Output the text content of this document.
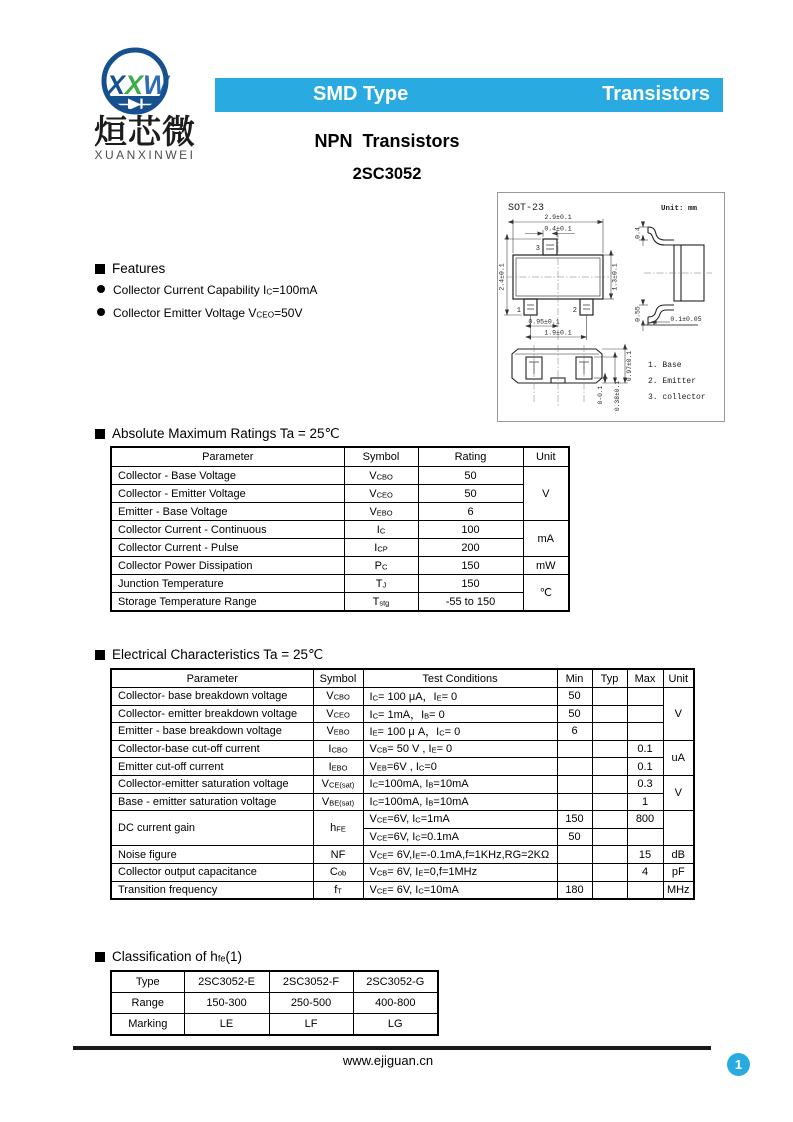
X X W
烜芯微
XUANXINWEI
SMD Type	Transistors
NPN  Transistors
2SC3052
SOT-23	Unit: mm
3
1	2
2.9±0.1
0.4±0.1
2.4±0.1	1.3±0.1
0.95±0.1
1.9±0.1
0.4
0.55	0.1±0.05
0.97±0.1
0.38±0.1
0-0.1
1. Base
2. Emitter
3. collector
Features
Collector Current Capability $I_C=100mA$
Collector Emitter Voltage $V_{CEO}=50V$
Absolute Maximum Ratings Ta = 25℃
Parameter	Symbol	Rating	Unit
Collector - Base Voltage	$V_{CBO}$	50	V
Collector - Emitter Voltage	$V_{CEO}$	50	
Emitter - Base Voltage	$V_{EBO}$	6	
Collector Current - Continuous	$I_C$	100	mA
Collector Current - Pulse	$I_{CP}$	200	
Collector Power Dissipation	$P_C$	150	mW
Junction Temperature	$T_J$	150	℃
Storage Temperature Range	$T_{stg}$	-55 to 150	
Electrical Characteristics Ta = 25℃
Parameter	Symbol	Test Conditions	Min	Typ	Max	Unit
Collector- base breakdown voltage	$V_{CBO}$	$I_C= 100$ μA，$I_E= 0$	50			V
Collector- emitter breakdown voltage	$V_{CEO}$	$I_C= 1mA$，$I_B= 0$	50			
Emitter - base breakdown voltage	$V_{EBO}$	$I_E= 100$ μ A，$I_C= 0$	6			
Collector-base cut-off current	$I_{CBO}$	$V_{CB}= 50$ V , $I_E= 0$			0.1	uA
Emitter cut-off current	$I_{EBO}$	$V_{EB}=6V$ , $I_C=0$			0.1	
Collector-emitter saturation voltage	$V_{CE(sat)}$	$I_C=100mA$, $I_B=10mA$			0.3	V
Base - emitter saturation voltage	$V_{BE(sat)}$	$I_C=100mA$, $I_B=10mA$			1	
DC current gain	$h_{FE}$	$V_{CE}=6V$, $I_C=1mA$	150		800	
		$V_{CE}=6V$, $I_C=0.1mA$	50			
Noise figure	NF	$V_{CE}= 6V,I_E=-0.1mA,f=1KHz,RG=2K\Omega$			15	dB
Collector output capacitance	$C_{ob}$	$V_{CB}= 6V$, $I_E=0,f=1MHz$			4	pF
Transition frequency	$f_T$	$V_{CE}= 6V$, $I_C=10mA$	180			MHz
Classification of $h_{fe}(1)$
Type	2SC3052-E	2SC3052-F	2SC3052-G
Range	150-300	250-500	400-800
Marking	LE	LF	LG
www.ejiguan.cn	1
